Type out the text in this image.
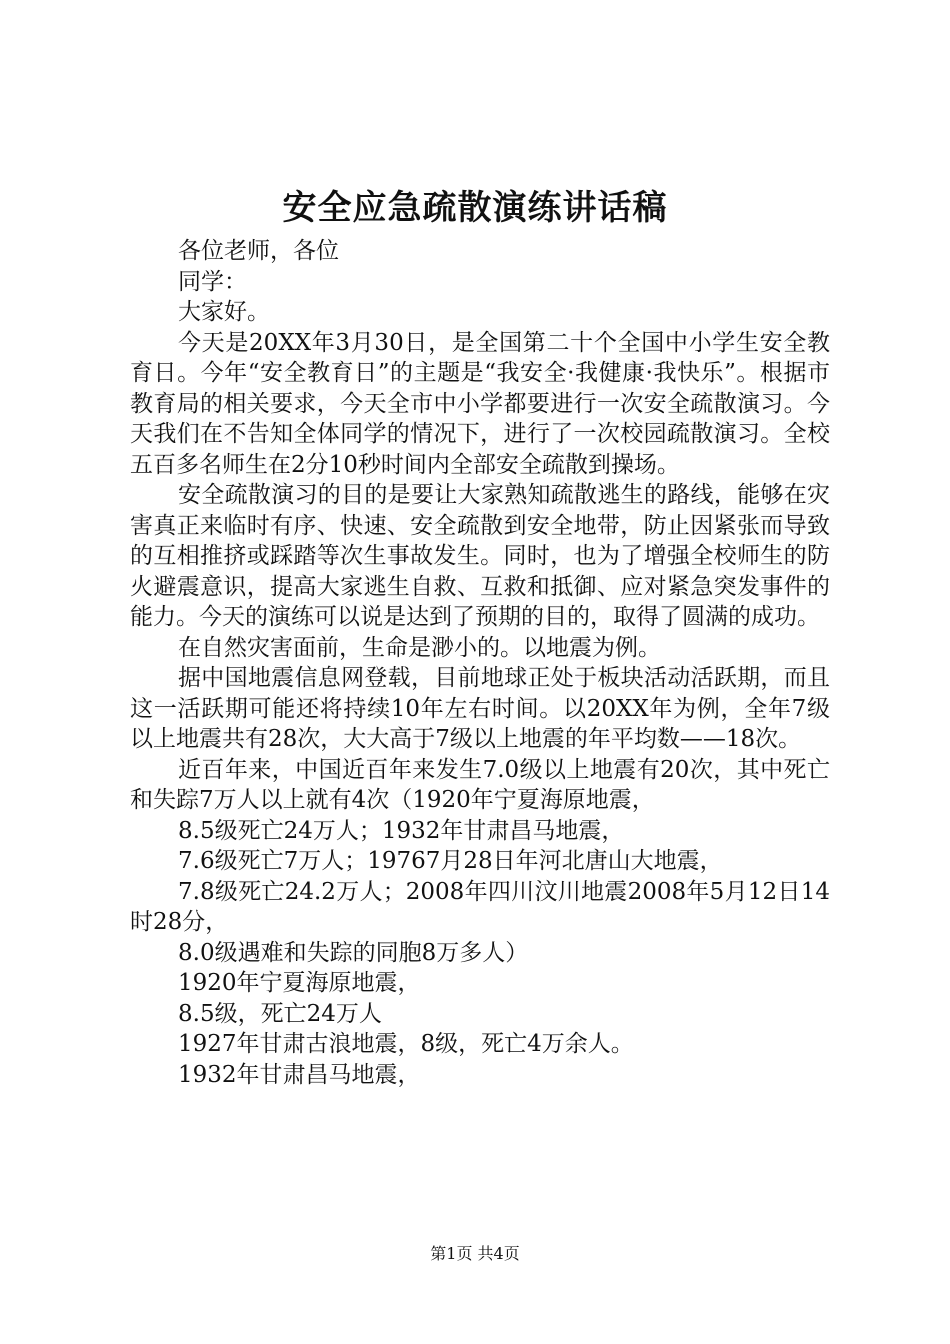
安全应急疏散演练讲话稿

各位老师，各位

同学：

大家好。

今天是20XX年3月30日，是全国第二十个全国中小学生安全教育日。今年“安全教育日”的主题是“我安全·我健康·我快乐”。根据市教育局的相关要求，今天全市中小学都要进行一次安全疏散演习。今天我们在不告知全体同学的情况下，进行了一次校园疏散演习。全校五百多名师生在2分10秒时间内全部安全疏散到操场。

安全疏散演习的目的是要让大家熟知疏散逃生的路线，能够在灾害真正来临时有序、快速、安全疏散到安全地带，防止因紧张而导致的互相推挤或踩踏等次生事故发生。同时，也为了增强全校师生的防火避震意识，提高大家逃生自救、互救和抵御、应对紧急突发事件的能力。今天的演练可以说是达到了预期的目的，取得了圆满的成功。

在自然灾害面前，生命是渺小的。以地震为例。

据中国地震信息网登载，目前地球正处于板块活动活跃期，而且这一活跃期可能还将持续10年左右时间。以20XX年为例，全年7级以上地震共有28次，大大高于7级以上地震的年平均数——18次。

近百年来，中国近百年来发生7.0级以上地震有20次，其中死亡和失踪7万人以上就有4次（1920年宁夏海原地震，

8.5级死亡24万人；1932年甘肃昌马地震，

7.6级死亡7万人；19767月28日年河北唐山大地震，

7.8级死亡24.2万人；2008年四川汶川地震2008年5月12日14时28分，

8.0级遇难和失踪的同胞8万多人）

1920年宁夏海原地震，

8.5级，死亡24万人

1927年甘肃古浪地震，8级，死亡4万余人。

1932年甘肃昌马地震，

第1页 共4页
